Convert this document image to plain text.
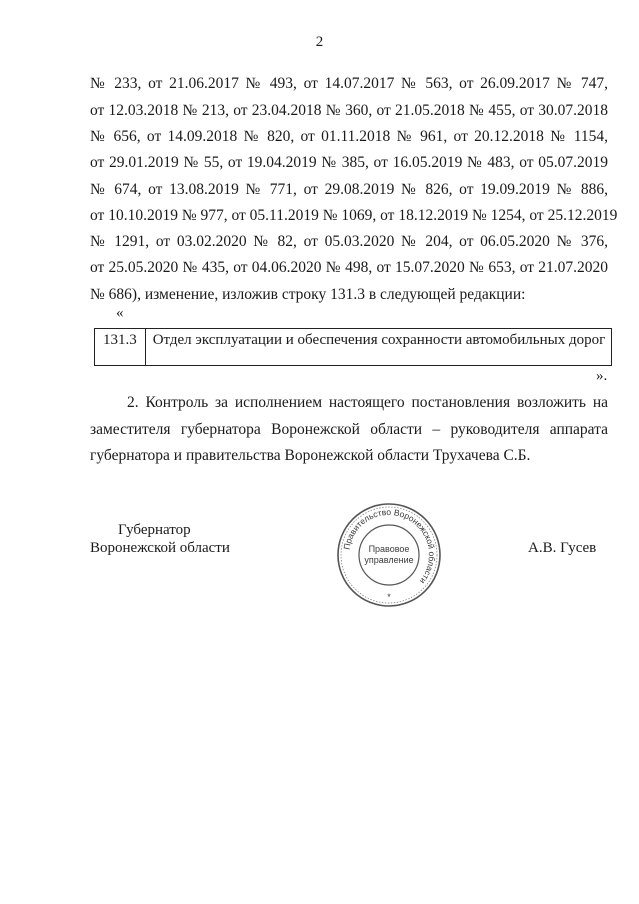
2
№ 233, от 21.06.2017 № 493, от 14.07.2017 № 563, от 26.09.2017 № 747,
от 12.03.2018 № 213, от 23.04.2018 № 360, от 21.05.2018 № 455, от 30.07.2018
№ 656, от 14.09.2018 № 820, от 01.11.2018 № 961, от 20.12.2018 № 1154,
от 29.01.2019 № 55, от 19.04.2019 № 385, от 16.05.2019 № 483, от 05.07.2019
№ 674, от 13.08.2019 № 771, от 29.08.2019 № 826, от 19.09.2019 № 886,
от 10.10.2019 № 977, от 05.11.2019 № 1069, от 18.12.2019 № 1254, от 25.12.2019
№ 1291, от 03.02.2020 № 82, от 05.03.2020 № 204, от 06.05.2020 № 376,
от 25.05.2020 № 435, от 04.06.2020 № 498, от 15.07.2020 № 653, от 21.07.2020
№ 686), изменение, изложив строку 131.3 в следующей редакции:
«
131.3	Отдел эксплуатации и обеспечения сохранности автомобильных дорог
».
2. Контроль за исполнением настоящего постановления возложить на
заместителя губернатора Воронежской области – руководителя аппарата
губернатора и правительства Воронежской области Трухачева С.Б.
Губернатор
Воронежской области	А.В. Гусев
Правительство Воронежской области
Правовое
управление
*
